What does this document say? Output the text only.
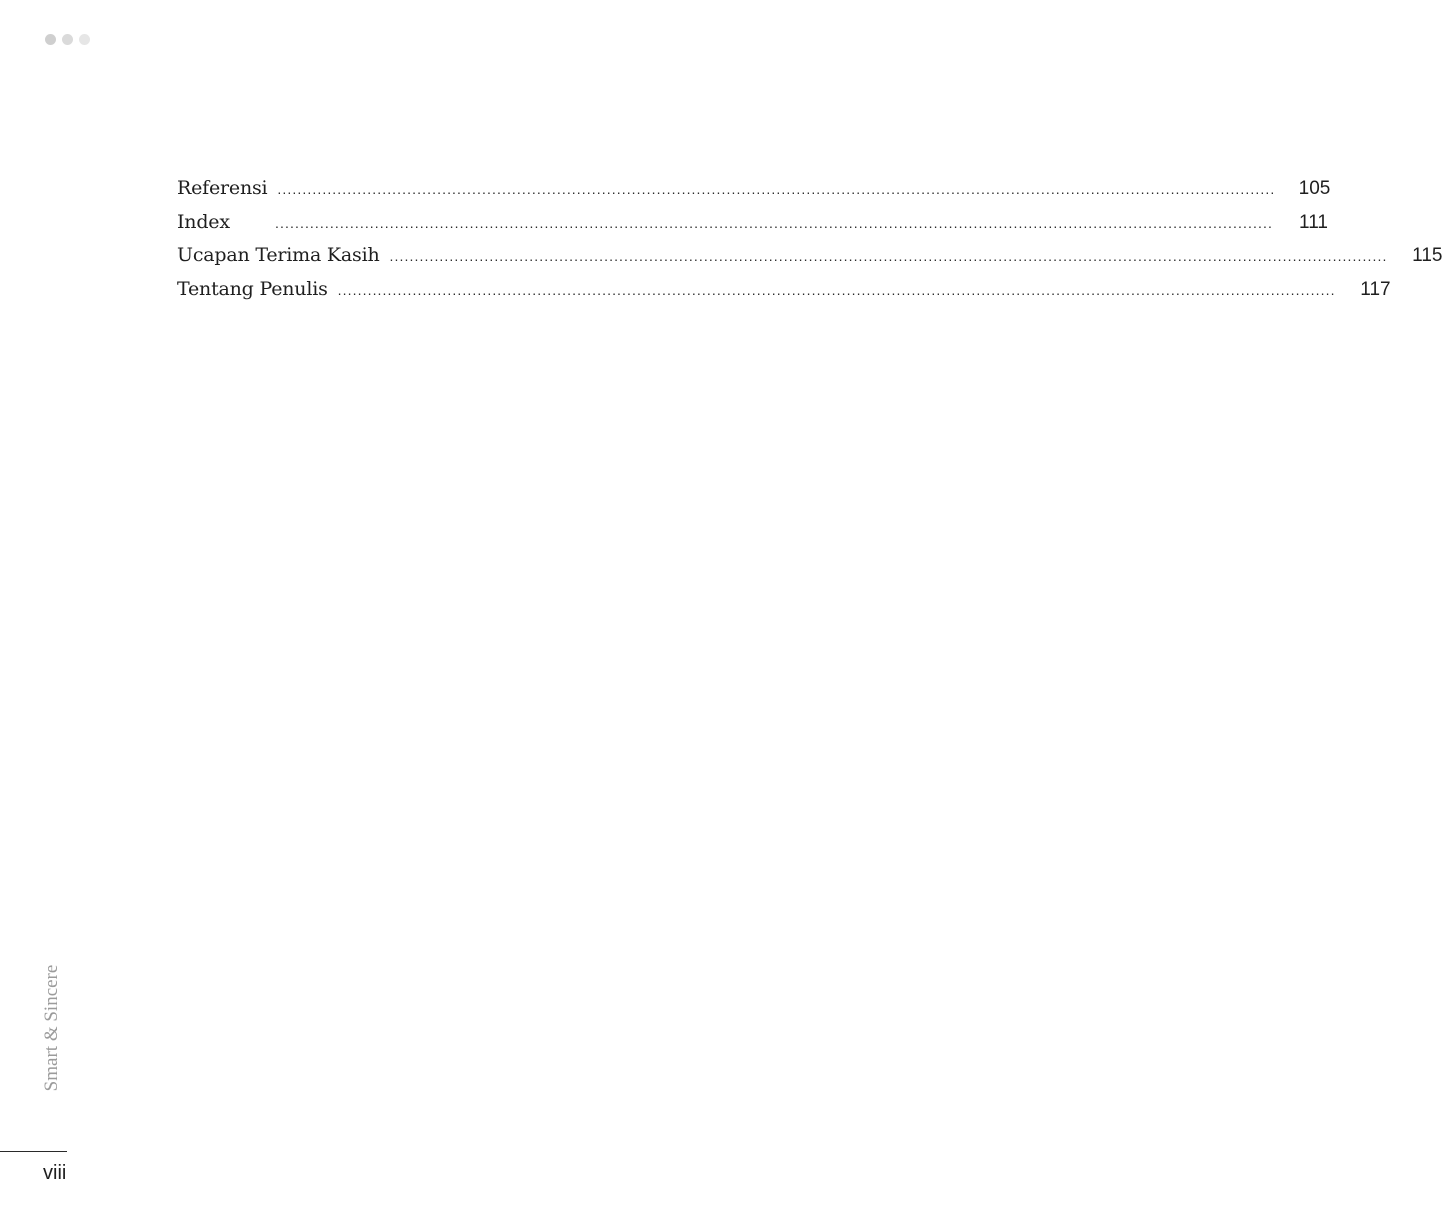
Referensi ........................................................................................................................................................................................................ 105
Index	........................................................................................................................................................................................................ 111
Ucapan Terima Kasih ........................................................................................................................................................................................................ 115
Tentang Penulis ........................................................................................................................................................................................................ 117
Smart & Sincere
viii
